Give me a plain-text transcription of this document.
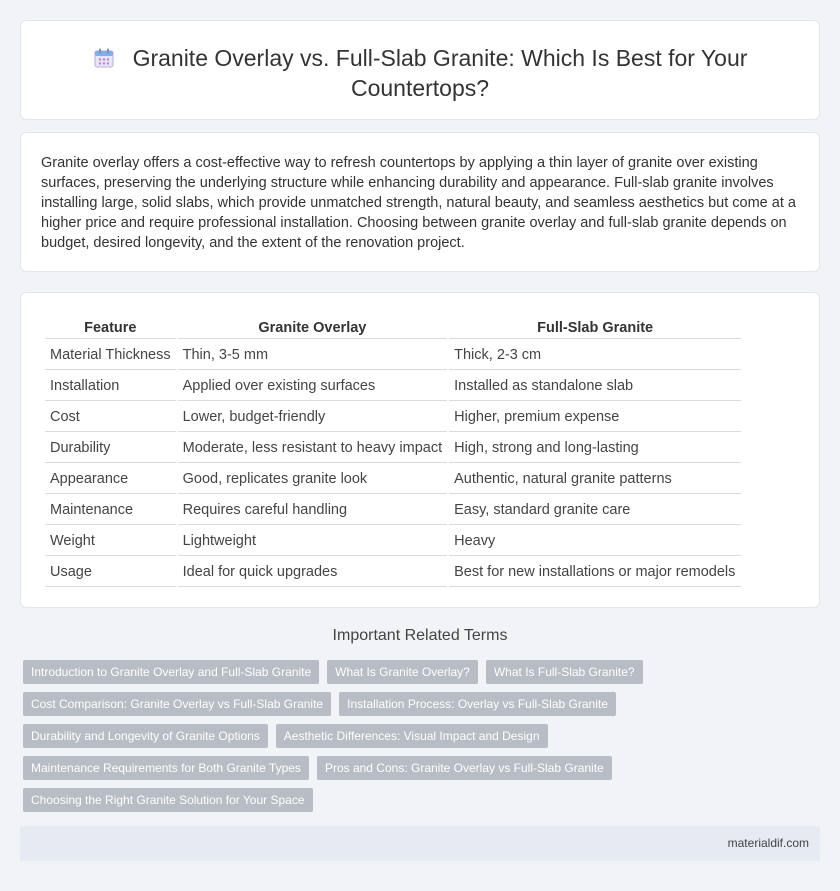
Granite Overlay vs. Full-Slab Granite: Which Is Best for Your Countertops?

Granite overlay offers a cost-effective way to refresh countertops by applying a thin layer of granite over existing surfaces, preserving the underlying structure while enhancing durability and appearance. Full-slab granite involves installing large, solid slabs, which provide unmatched strength, natural beauty, and seamless aesthetics but come at a higher price and require professional installation. Choosing between granite overlay and full-slab granite depends on budget, desired longevity, and the extent of the renovation project.

Feature	Granite Overlay	Full-Slab Granite
Material Thickness	Thin, 3-5 mm	Thick, 2-3 cm
Installation	Applied over existing surfaces	Installed as standalone slab
Cost	Lower, budget-friendly	Higher, premium expense
Durability	Moderate, less resistant to heavy impact	High, strong and long-lasting
Appearance	Good, replicates granite look	Authentic, natural granite patterns
Maintenance	Requires careful handling	Easy, standard granite care
Weight	Lightweight	Heavy
Usage	Ideal for quick upgrades	Best for new installations or major remodels
Important Related Terms
Introduction to Granite Overlay and Full-Slab Granite	What Is Granite Overlay?	What Is Full-Slab Granite?
Cost Comparison: Granite Overlay vs Full-Slab Granite	Installation Process: Overlay vs Full-Slab Granite
Durability and Longevity of Granite Options	Aesthetic Differences: Visual Impact and Design
Maintenance Requirements for Both Granite Types	Pros and Cons: Granite Overlay vs Full-Slab Granite
Choosing the Right Granite Solution for Your Space
materialdif.com
